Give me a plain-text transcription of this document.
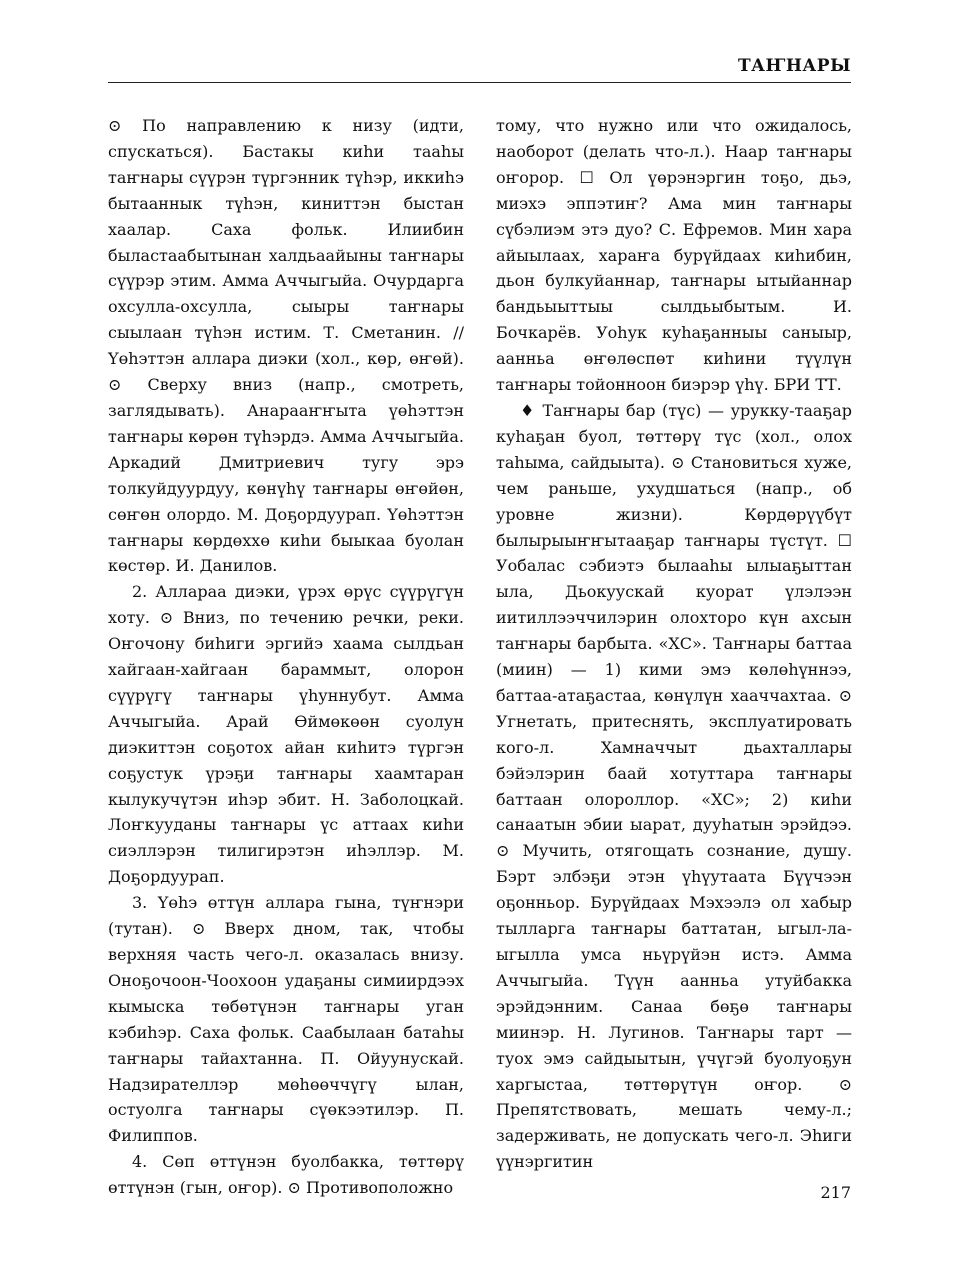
ТАҤНАРЫ

⊙ По направлению к низу (идти, спускаться). Бастакы киһи тааһы таҥнары сүүрэн түргэнник түһэр, иккиһэ бытааннык түһэн, киниттэн быстан хаалар. Саха фольк. Илиибин быластаабытынан халдьаайыны таҥнары сүүрэр этим. Амма Аччыгыйа. Очурдарга охсулла-охсулла, сыыры таҥнары сыылаан түһэн истим. Т. Сметанин. // Үөһэттэн аллара диэки (хол., көр, өҥөй). ⊙ Сверху вниз (напр., смотреть, заглядывать). Анарааҥҥыта үөһэттэн таҥнары көрөн түһэрдэ. Амма Аччыгыйа. Аркадий Дмитриевич тугу эрэ толкуйдуурдуу, көнүһү таҥнары өҥөйөн, сөҥөн олордо. М. Доҕордуурап. Үөһэттэн таҥнары көрдөххө киһи быыкаа буолан көстөр. И. Данилов.

2. Аллараа диэки, үрэх өрүс сүүрүгүн хоту. ⊙ Вниз, по течению речки, реки. Оҥочону биһиги эргийэ хаама сылдьан хайгаан-хайгаан бараммыт, олорон сүүрүгү таҥнары үһуннубут. Амма Аччыгыйа. Арай Өймөкөөн суолун диэкиттэн соҕотох айан киһитэ түргэн соҕустук үрэҕи таҥнары хаамтаран кылукучүтэн иһэр эбит. Н. Заболоцкай. Лоҥкууданы таҥнары үс аттаах киһи сиэллэрэн тилигирэтэн иһэллэр. М. Доҕордуурап.

3. Үөһэ өттүн аллара гына, түҥнэри (тутан). ⊙ Вверх дном, так, чтобы верхняя часть чего-л. оказалась внизу. Оноҕочоон-Чоохоон удаҕаны симиирдээх кымыска төбөтүнэн таҥнары уган кэбиһэр. Саха фольк. Саабылаан батаһы таҥнары тайахтанна. П. Ойуунускай. Надзирателлэр мөһөөччүгү ылан, остуолга таҥнары сүөкээтилэр. П. Филиппов.

4. Сөп өттүнэн буолбакка, төттөрү өттүнэн (гын, оҥор). ⊙ Противоположно

тому, что нужно или что ожидалось, наоборот (делать что-л.). Наар таҥнары оҥорор. ☐ Ол үөрэнэргин тоҕо, дьэ, миэхэ эппэтиҥ? Ама мин таҥнары сүбэлиэм этэ дуо? С. Ефремов. Мин хара айыылаах, хараҥа бурүйдаах киһибин, дьон булкуйаннар, таҥнары ытыйаннар бандьыыттыы сылдьыбытым. И. Бочкарёв. Уоһук куһаҕанныы саныыр, аанньа өҥөлөспөт киһини түүлүн таҥнары тойонноон биэрэр үһү. БРИ ТТ.

♦ Таҥнары бар (түс) — урукку-тааҕар куһаҕан буол, төттөрү түс (хол., олох таһыма, сайдыыта). ⊙ Становиться хуже, чем раньше, ухудшаться (напр., об уровне жизни). Көрдөрүүбүт былырыыҥҥытааҕар таҥнары түстүт. ☐ Уобалас сэбиэтэ былааһы ылыаҕыттан ыла, Дьокуускай куорат үлэлээн иитиллээччилэрин олохторо күн ахсын таҥнары барбыта. «ХС». Таҥнары баттаа (миин) — 1) кими эмэ көлөһүннээ, баттаа-атаҕастаа, көнүлүн хааччахтаа. ⊙ Угнетать, притеснять, эксплуатировать кого-л. Хамначчыт дьахталлары бэйэлэрин баай хотуттара таҥнары баттаан олороллор. «ХС»; 2) киһи санаатын эбии ыарат, дууһатын эрэйдээ. ⊙ Мучить, отягощать сознание, душу. Бэрт элбэҕи этэн үһүутаата Бүүчээн оҕонньор. Бурүйдаах Мэхээлэ ол хабыр тылларга таҥнары баттатан, ыгыл-ла-ыгылла умса ньүрүйэн истэ. Амма Аччыгыйа. Түүн аанньа утуйбакка эрэйдэнним. Санаа бөҕө таҥнары миинэр. Н. Лугинов. Таҥнары тарт — туох эмэ сайдыытын, үчүгэй буолуоҕун харгыстаа, төттөрүтүн оҥор. ⊙ Препятствовать, мешать чему-л.; задерживать, не допускать чего-л. Эһиги үүнэргитин

217
